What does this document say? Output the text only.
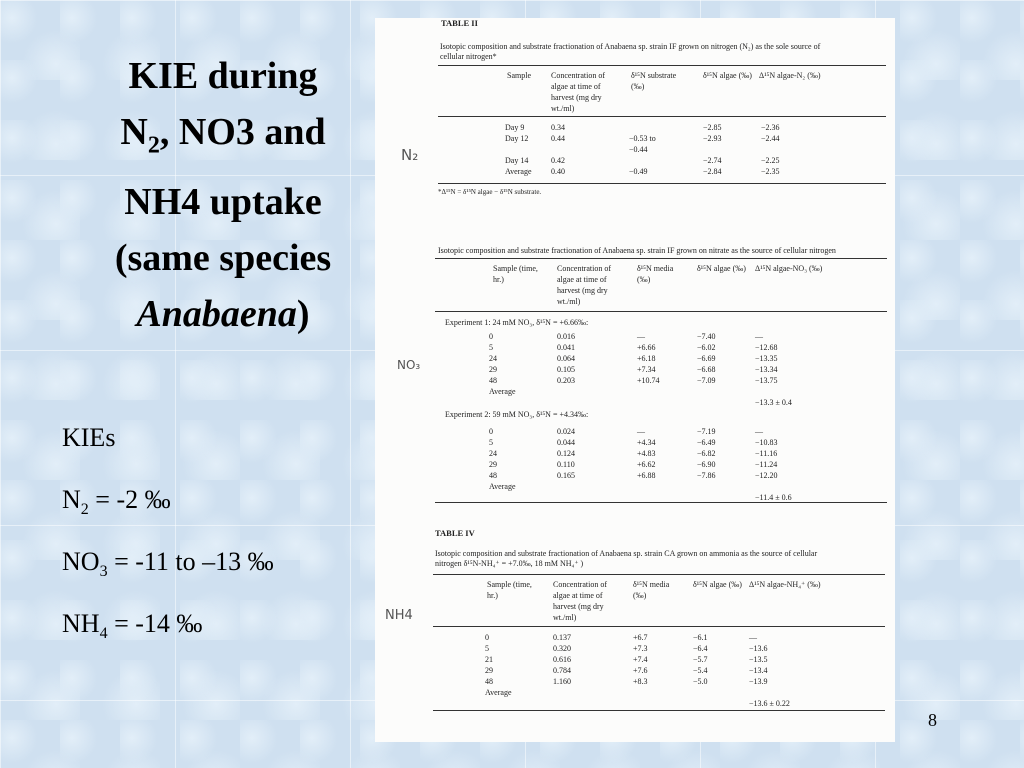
KIE during
$N_2$, NO3 and
NH4 uptake
(same species
Anabaena)
KIEs
$N_2 = -2$ ‰
$NO_3 = -11$ to –13 ‰
$NH_4 = -14$ ‰
8
N₂
NO₃
NH4
TABLE II
Isotopic composition and substrate fractionation of Anabaena sp. strain IF grown on nitrogen (N₂) as the sole source of
cellular nitrogen*
Sample	Concentration of algae at time of harvest (mg dry wt./ml)
δ¹⁵N substrate (‰)
δ¹⁵N algae (‰) Δ¹⁵N algae-N₂ (‰)
Day 9
Day 12

Day 14
Average
0.34
0.44

0.42
0.40

−0.53 to
−0.44

−0.49
−2.85
−2.93

−2.74
−2.84
−2.36
−2.44

−2.25
−2.35
*Δ¹⁵N = δ¹⁵N algae − δ¹⁵N substrate.
Isotopic composition and substrate fractionation of Anabaena sp. strain IF grown on nitrate as the source of cellular nitrogen
Sample (time, hr.)
Concentration of algae at time of harvest (mg dry wt./ml)
δ¹⁵N media (‰)
δ¹⁵N algae (‰) Δ¹⁵N algae-NO₃ (‰)
Experiment 1: 24 mM NO₃, δ¹⁵N = +6.66‰:
0
5
24
29
48
Average
0.016
0.041
0.064
0.105
0.203
—
+6.66
+6.18
+7.34
+10.74
−7.40
−6.02
−6.69
−6.68
−7.09
—
−12.68
−13.35
−13.34
−13.75

−13.3 ± 0.4
Experiment 2: 59 mM NO₃, δ¹⁵N = +4.34‰:
0
5
24
29
48
Average
0.024
0.044
0.124
0.110
0.165
—
+4.34
+4.83
+6.62
+6.88
−7.19
−6.49
−6.82
−6.90
−7.86
—
−10.83
−11.16
−11.24
−12.20

−11.4 ± 0.6
TABLE IV
Isotopic composition and substrate fractionation of Anabaena sp. strain CA grown on ammonia as the source of cellular
nitrogen δ¹⁵N-NH₄⁺ = +7.0‰, 18 mM NH₄⁺ )
Sample (time, hr.)
Concentration of algae at time of harvest (mg dry wt./ml)
δ¹⁵N media (‰)
δ¹⁵N algae (‰) Δ¹⁵N algae-NH₄⁺ (‰)
0
5
21
29
48
Average
0.137
0.320
0.616
0.784
1.160
+6.7
+7.3
+7.4
+7.6
+8.3
−6.1
−6.4
−5.7
−5.4
−5.0
—
−13.6
−13.5
−13.4
−13.9

−13.6 ± 0.22
